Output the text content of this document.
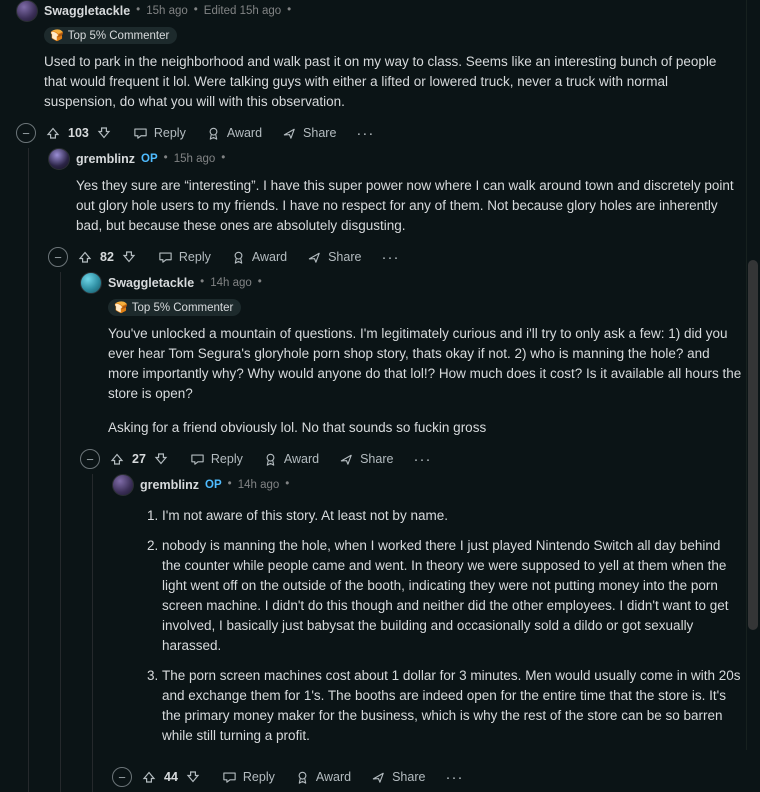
Swaggletackle • 15h ago • Edited 15h ago •
🍞 Top 5% Commenter

Used to park in the neighborhood and walk past it on my way to class. Seems like an interesting bunch of people that would frequent it lol. Were talking guys with either a lifted or lowered truck, never a truck with normal suspension, do what you will with this observation.

−	103	Reply	Award	Share	···
gremblinz OP • 15h ago •

Yes they sure are “interesting”. I have this super power now where I can walk around town and discretely point out glory hole users to my friends. I have no respect for any of them. Not because glory holes are inherently bad, but because these ones are absolutely disgusting.

−	82	Reply	Award	Share	···
Swaggletackle • 14h ago •
🍞 Top 5% Commenter

You've unlocked a mountain of questions. I'm legitimately curious and i'll try to only ask a few: 1) did you ever hear Tom Segura's gloryhole porn shop story, thats okay if not. 2) who is manning the hole? and more importantly why? Why would anyone do that lol!? How much does it cost? Is it available all hours the store is open?

Asking for a friend obviously lol. No that sounds so fuckin gross

−	27	Reply	Award	Share	···
gremblinz OP • 14h ago •
1. I'm not aware of this story. At least not by name.
2. nobody is manning the hole, when I worked there I just played Nintendo Switch all day behind the counter while people came and went. In theory we were supposed to yell at them when the light went off on the outside of the booth, indicating they were not putting money into the porn screen machine. I didn't do this though and neither did the other employees. I didn't want to get involved, I basically just babysat the building and occasionally sold a dildo or got sexually harassed.
3. The porn screen machines cost about 1 dollar for 3 minutes. Men would usually come in with 20s and exchange them for 1's. The booths are indeed open for the entire time that the store is. It's the primary money maker for the business, which is why the rest of the store can be so barren while still turning a profit.
−	44	Reply	Award	Share	···
